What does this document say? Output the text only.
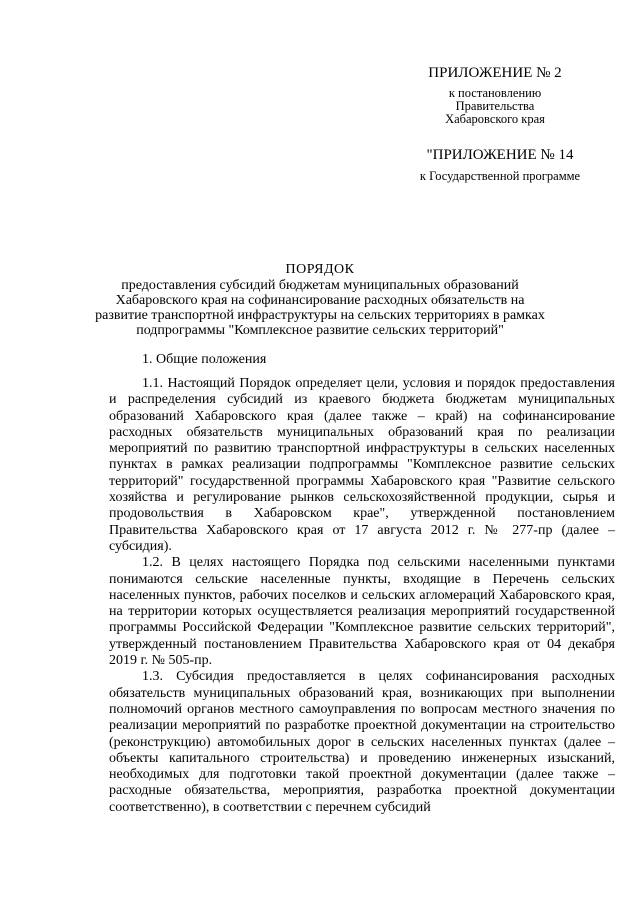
ПРИЛОЖЕНИЕ № 2
к постановлению
Правительства
Хабаровского края
"ПРИЛОЖЕНИЕ № 14
к Государственной программе
ПОРЯДОК
предоставления субсидий бюджетам муниципальных образований Хабаровского края на софинансирование расходных обязательств на развитие транспортной инфраструктуры на сельских территориях в рамках подпрограммы "Комплексное развитие сельских территорий"
1. Общие положения

1.1. Настоящий Порядок определяет цели, условия и порядок предоставления и распределения субсидий из краевого бюджета бюджетам муниципальных образований Хабаровского края (далее также – край) на софинансирование расходных обязательств муниципальных образований края по реализации мероприятий по развитию транспортной инфраструктуры в сельских населенных пунктах в рамках реализации подпрограммы "Комплексное развитие сельских территорий" государственной программы Хабаровского края "Развитие сельского хозяйства и регулирование рынков сельскохозяйственной продукции, сырья и продовольствия в Хабаровском крае", утвержденной постановлением Правительства Хабаровского края от 17 августа 2012 г. № 277-пр (далее – субсидия).

1.2. В целях настоящего Порядка под сельскими населенными пунктами понимаются сельские населенные пункты, входящие в Перечень сельских населенных пунктов, рабочих поселков и сельских агломераций Хабаровского края, на территории которых осуществляется реализация мероприятий государственной программы Российской Федерации "Комплексное развитие сельских территорий", утвержденный постановлением Правительства Хабаровского края от 04 декабря 2019 г. № 505-пр.

1.3. Субсидия предоставляется в целях софинансирования расходных обязательств муниципальных образований края, возникающих при выполнении полномочий органов местного самоуправления по вопросам местного значения по реализации мероприятий по разработке проектной документации на строительство (реконструкцию) автомобильных дорог в сельских населенных пунктах (далее – объекты капитального строительства) и проведению инженерных изысканий, необходимых для подготовки такой проектной документации (далее также – расходные обязательства, мероприятия, разработка проектной документации соответственно), в соответствии с перечнем субсидий
